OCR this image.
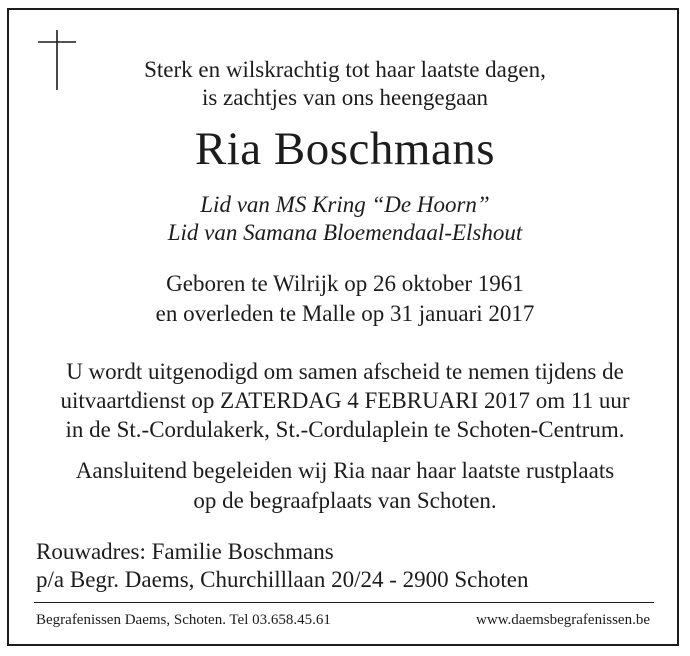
Sterk en wilskrachtig tot haar laatste dagen,
is zachtjes van ons heengegaan
Ria Boschmans
Lid van MS Kring “De Hoorn”
Lid van Samana Bloemendaal-Elshout
Geboren te Wilrijk op 26 oktober 1961
en overleden te Malle op 31 januari 2017
U wordt uitgenodigd om samen afscheid te nemen tijdens de
uitvaartdienst op ZATERDAG 4 FEBRUARI 2017 om 11 uur
in de St.-Cordulakerk, St.-Cordulaplein te Schoten-Centrum.
Aansluitend begeleiden wij Ria naar haar laatste rustplaats
op de begraafplaats van Schoten.
Rouwadres: Familie Boschmans
p/a Begr. Daems, Churchilllaan 20/24 - 2900 Schoten
Begrafenissen Daems, Schoten. Tel 03.658.45.61	www.daemsbegrafenissen.be
